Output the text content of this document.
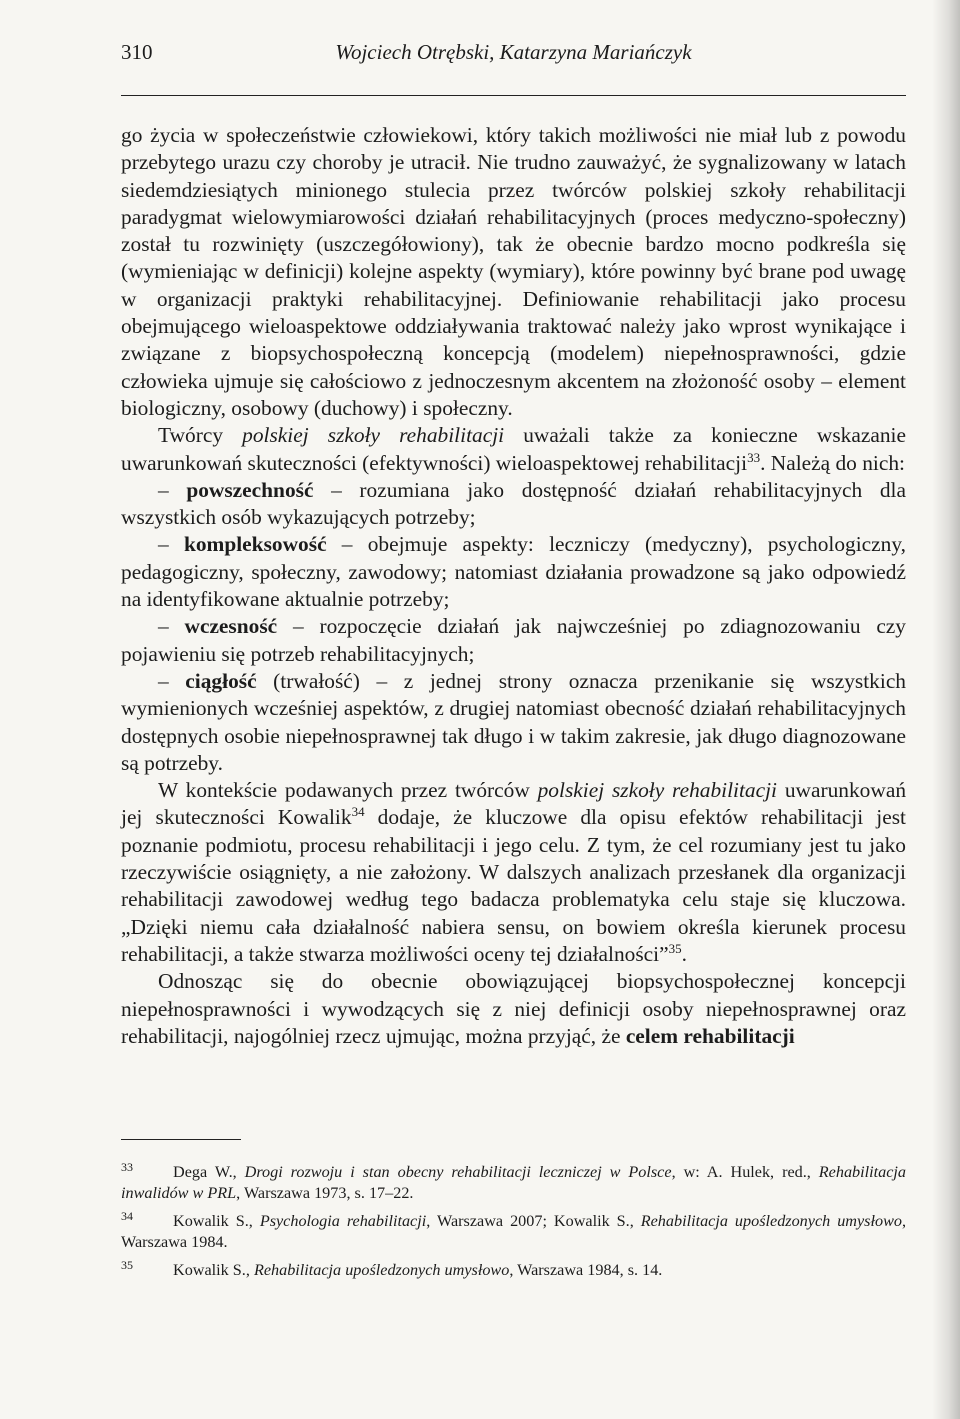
310	Wojciech Otrębski, Katarzyna Mariańczyk

go życia w społeczeństwie człowiekowi, który takich możliwości nie miał lub z powodu przebytego urazu czy choroby je utracił. Nie trudno zauważyć, że sygnalizowany w latach siedemdziesiątych minionego stulecia przez twórców polskiej szkoły rehabilitacji paradygmat wielowymiarowości działań rehabilitacyjnych (proces medyczno-społeczny) został tu rozwinięty (uszczegółowiony), tak że obecnie bardzo mocno podkreśla się (wymieniając w definicji) kolejne aspekty (wymiary), które powinny być brane pod uwagę w organizacji praktyki rehabilitacyjnej. Definiowanie rehabilitacji jako procesu obejmującego wieloaspektowe oddziaływania traktować należy jako wprost wynikające i związane z biopsychospołeczną koncepcją (modelem) niepełnosprawności, gdzie człowieka ujmuje się całościowo z jednoczesnym akcentem na złożoność osoby – element biologiczny, osobowy (duchowy) i społeczny.

Twórcy polskiej szkoły rehabilitacji uważali także za konieczne wskazanie uwarunkowań skuteczności (efektywności) wieloaspektowej rehabilitacji$^{33}$. Należą do nich:

– powszechność – rozumiana jako dostępność działań rehabilitacyjnych dla wszystkich osób wykazujących potrzeby;

– kompleksowość – obejmuje aspekty: leczniczy (medyczny), psychologiczny, pedagogiczny, społeczny, zawodowy; natomiast działania prowadzone są jako odpowiedź na identyfikowane aktualnie potrzeby;

– wczesność – rozpoczęcie działań jak najwcześniej po zdiagnozowaniu czy pojawieniu się potrzeb rehabilitacyjnych;

– ciągłość (trwałość) – z jednej strony oznacza przenikanie się wszystkich wymienionych wcześniej aspektów, z drugiej natomiast obecność działań rehabilitacyjnych dostępnych osobie niepełnosprawnej tak długo i w takim zakresie, jak długo diagnozowane są potrzeby.

W kontekście podawanych przez twórców polskiej szkoły rehabilitacji uwarunkowań jej skuteczności Kowalik$^{34}$ dodaje, że kluczowe dla opisu efektów rehabilitacji jest poznanie podmiotu, procesu rehabilitacji i jego celu. Z tym, że cel rozumiany jest tu jako rzeczywiście osiągnięty, a nie założony. W dalszych analizach przesłanek dla organizacji rehabilitacji zawodowej według tego badacza problematyka celu staje się kluczowa. „Dzięki niemu cała działalność nabiera sensu, on bowiem określa kierunek procesu rehabilitacji, a także stwarza możliwości oceny tej działalności”$^{35}$.

Odnosząc się do obecnie obowiązującej biopsychospołecznej koncepcji niepełnosprawności i wywodzących się z niej definicji osoby niepełnosprawnej oraz rehabilitacji, najogólniej rzecz ujmując, można przyjąć, że celem rehabilitacji

33 Dega W., Drogi rozwoju i stan obecny rehabilitacji leczniczej w Polsce, w: A. Hulek, red., Rehabilitacja inwalidów w PRL, Warszawa 1973, s. 17–22.

34 Kowalik S., Psychologia rehabilitacji, Warszawa 2007; Kowalik S., Rehabilitacja upośledzonych umysłowo, Warszawa 1984.

35 Kowalik S., Rehabilitacja upośledzonych umysłowo, Warszawa 1984, s. 14.
